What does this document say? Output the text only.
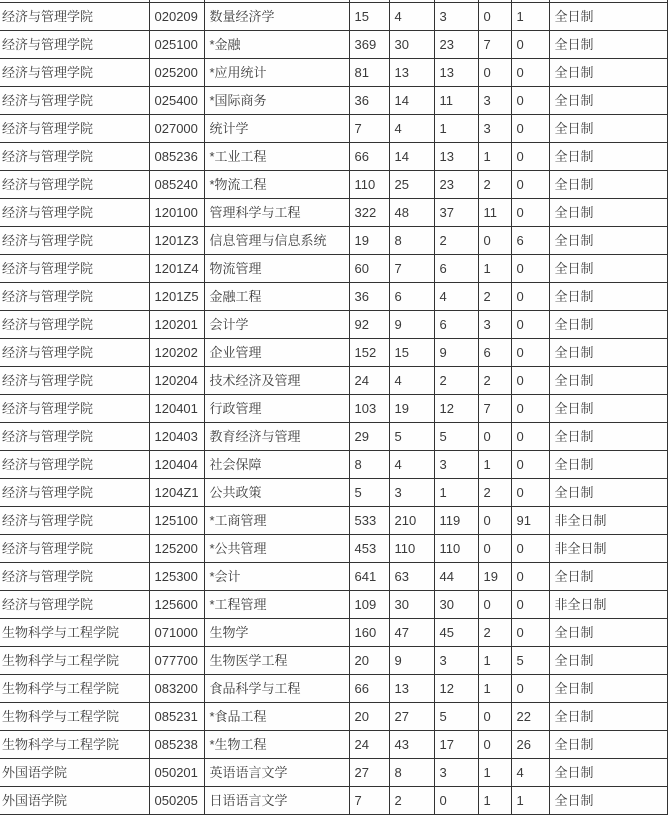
经济与管理学院	020209	数量经济学	15	4	3	0	1	全日制
经济与管理学院	025100	*金融	369	30	23	7	0	全日制
经济与管理学院	025200	*应用统计	81	13	13	0	0	全日制
经济与管理学院	025400	*国际商务	36	14	11	3	0	全日制
经济与管理学院	027000	统计学	7	4	1	3	0	全日制
经济与管理学院	085236	*工业工程	66	14	13	1	0	全日制
经济与管理学院	085240	*物流工程	110	25	23	2	0	全日制
经济与管理学院	120100	管理科学与工程	322	48	37	11	0	全日制
经济与管理学院	1201Z3	信息管理与信息系统	19	8	2	0	6	全日制
经济与管理学院	1201Z4	物流管理	60	7	6	1	0	全日制
经济与管理学院	1201Z5	金融工程	36	6	4	2	0	全日制
经济与管理学院	120201	会计学	92	9	6	3	0	全日制
经济与管理学院	120202	企业管理	152	15	9	6	0	全日制
经济与管理学院	120204	技术经济及管理	24	4	2	2	0	全日制
经济与管理学院	120401	行政管理	103	19	12	7	0	全日制
经济与管理学院	120403	教育经济与管理	29	5	5	0	0	全日制
经济与管理学院	120404	社会保障	8	4	3	1	0	全日制
经济与管理学院	1204Z1	公共政策	5	3	1	2	0	全日制
经济与管理学院	125100	*工商管理	533	210	119	0	91	非全日制
经济与管理学院	125200	*公共管理	453	110	110	0	0	非全日制
经济与管理学院	125300	*会计	641	63	44	19	0	全日制
经济与管理学院	125600	*工程管理	109	30	30	0	0	非全日制
生物科学与工程学院	071000	生物学	160	47	45	2	0	全日制
生物科学与工程学院	077700	生物医学工程	20	9	3	1	5	全日制
生物科学与工程学院	083200	食品科学与工程	66	13	12	1	0	全日制
生物科学与工程学院	085231	*食品工程	20	27	5	0	22	全日制
生物科学与工程学院	085238	*生物工程	24	43	17	0	26	全日制
外国语学院	050201	英语语言文学	27	8	3	1	4	全日制
外国语学院	050205	日语语言文学	7	2	0	1	1	全日制
